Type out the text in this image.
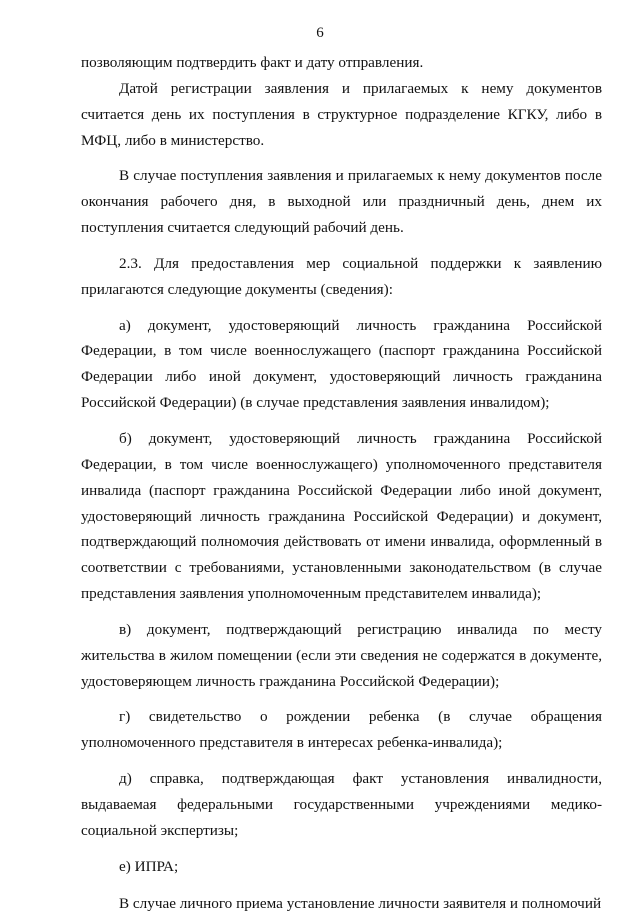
6

позволяющим подтвердить факт и дату отправления.

Датой регистрации заявления и прилагаемых к нему документов считается день их поступления в структурное подразделение КГКУ, либо в МФЦ, либо в министерство.

В случае поступления заявления и прилагаемых к нему документов после окончания рабочего дня, в выходной или праздничный день, днем их поступления считается следующий рабочий день.

2.3. Для предоставления мер социальной поддержки к заявлению прилагаются следующие документы (сведения):

а) документ, удостоверяющий личность гражданина Российской Федерации, в том числе военнослужащего (паспорт гражданина Российской Федерации либо иной документ, удостоверяющий личность гражданина Российской Федерации) (в случае представления заявления инвалидом);

б) документ, удостоверяющий личность гражданина Российской Федерации, в том числе военнослужащего) уполномоченного представителя инвалида (паспорт гражданина Российской Федерации либо иной документ, удостоверяющий личность гражданина Российской Федерации) и документ, подтверждающий полномочия действовать от имени инвалида, оформленный в соответствии с требованиями, установленными законодательством (в случае представления заявления уполномоченным представителем инвалида);

в) документ, подтверждающий регистрацию инвалида по месту жительства в жилом помещении (если эти сведения не содержатся в документе, удостоверяющем личность гражданина Российской Федерации);

г) свидетельство о рождении ребенка (в случае обращения уполномоченного представителя в интересах ребенка-инвалида);

д) справка, подтверждающая факт установления инвалидности, выдаваемая федеральными государственными учреждениями медико-социальной экспертизы;

е) ИПРА;

В случае личного приема установление личности заявителя и полномочий
